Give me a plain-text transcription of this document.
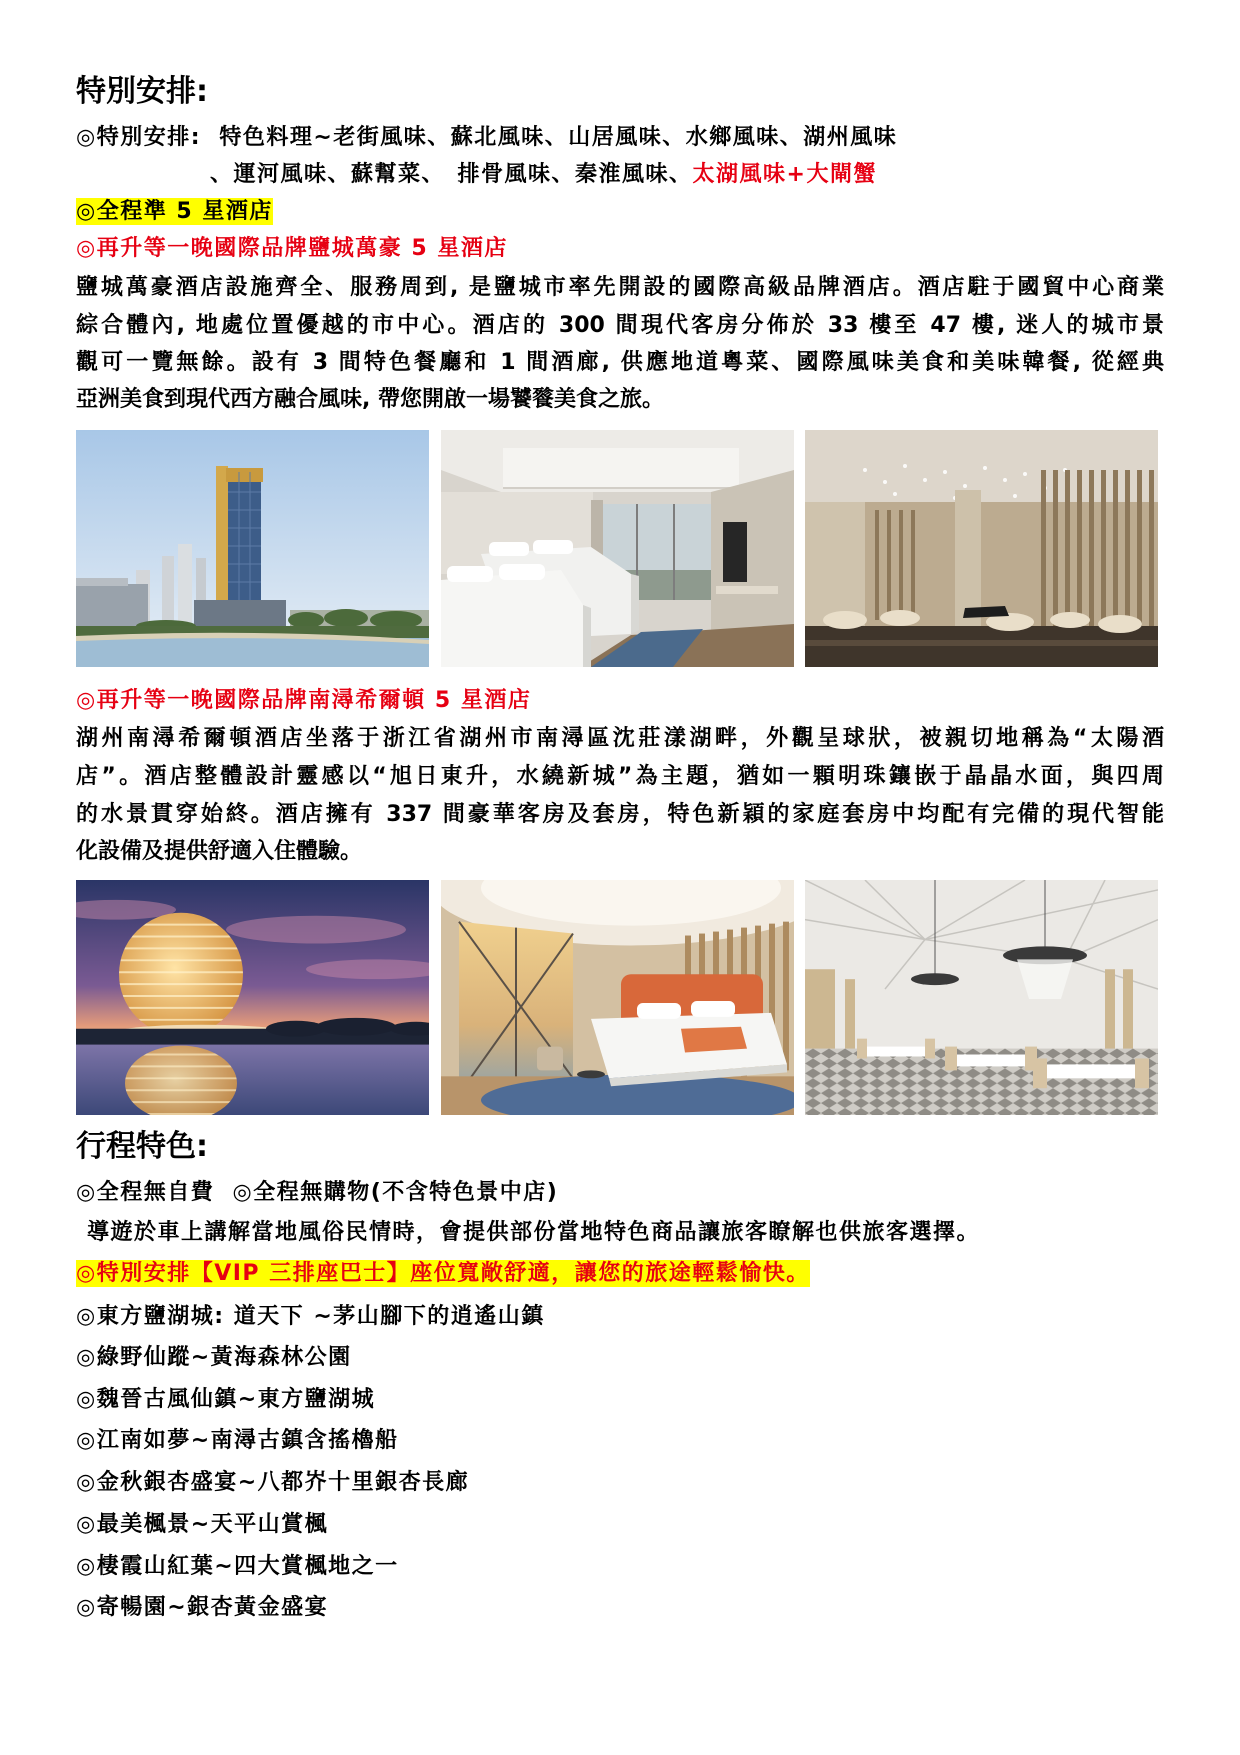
特別安排:
◎特別安排:  特色料理~老街風味、蘇北風味、山居風味、水鄉風味、湖州風味
、運河風味、蘇幫菜、　排骨風味、秦淮風味、太湖風味+大閘蟹
◎全程準 5 星酒店
◎再升等一晚國際品牌鹽城萬豪 5 星酒店
鹽城萬豪酒店設施齊全、服務周到, 是鹽城市率先開設的國際高級品牌酒店。酒店駐于國貿中心商業
綜合體內, 地處位置優越的市中心。酒店的 300 間現代客房分佈於 33 樓至 47 樓, 迷人的城市景
觀可一覽無餘。設有 3 間特色餐廳和 1 間酒廊, 供應地道粵菜、國際風味美食和美味韓餐, 從經典
亞洲美食到現代西方融合風味, 帶您開啟一場饕餮美食之旅。
◎再升等一晚國際品牌南潯希爾頓 5 星酒店
湖州南潯希爾頓酒店坐落于浙江省湖州市南潯區沈莊漾湖畔，外觀呈球狀，被親切地稱為“太陽酒
店”。酒店整體設計靈感以“旭日東升，水繞新城”為主題，猶如一顆明珠鑲嵌于晶晶水面，與四周
的水景貫穿始終。酒店擁有 337 間豪華客房及套房，特色新穎的家庭套房中均配有完備的現代智能
化設備及提供舒適入住體驗。
行程特色:
◎全程無自費  ◎全程無購物(不含特色景中店)
導遊於車上講解當地風俗民情時，會提供部份當地特色商品讓旅客瞭解也供旅客選擇。
◎特別安排【VIP 三排座巴士】座位寬敞舒適，讓您的旅途輕鬆愉快。
◎東方鹽湖城: 道天下 ~茅山腳下的逍遙山鎮
◎綠野仙蹤~黃海森林公園
◎魏晉古風仙鎮~東方鹽湖城
◎江南如夢~南潯古鎮含搖櫓船
◎金秋銀杏盛宴~八都岕十里銀杏長廊
◎最美楓景~天平山賞楓
◎棲霞山紅葉~四大賞楓地之一
◎寄暢園~銀杏黃金盛宴
